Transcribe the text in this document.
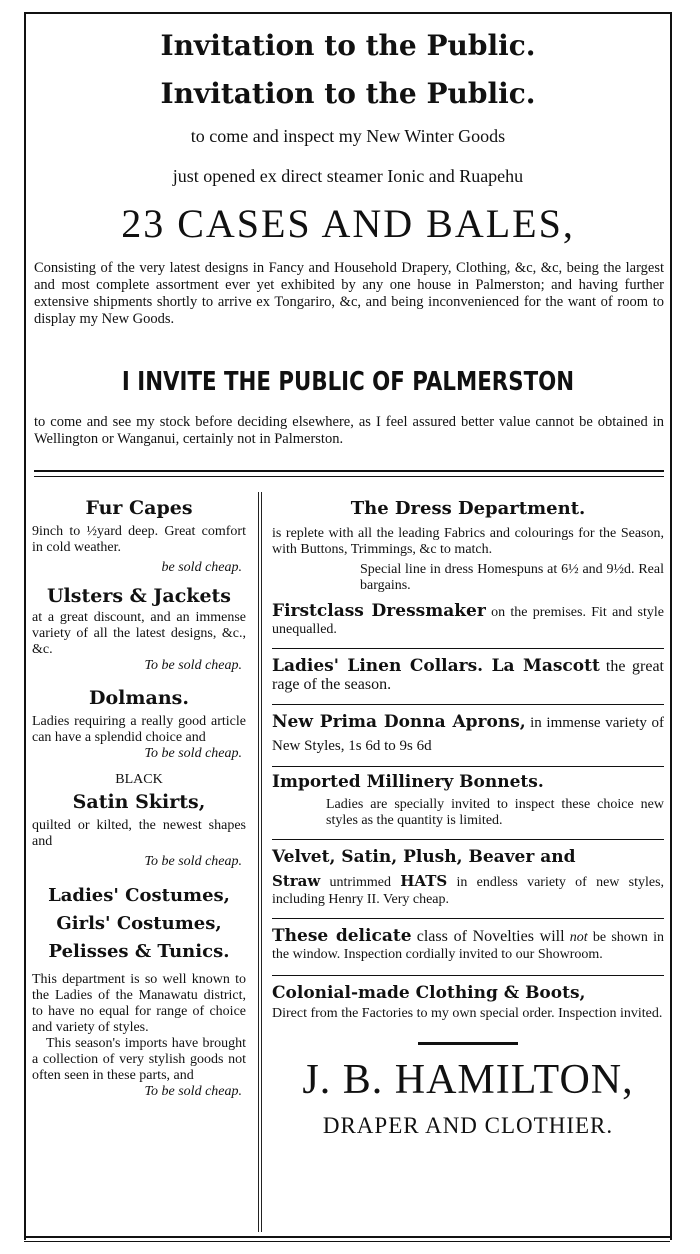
Invitation to the Public.
Invitation to the Public.
to come and inspect my New Winter Goods
just opened ex direct steamer Ionic and Ruapehu
23 CASES AND BALES,
Consisting of the very latest designs in Fancy and Household Drapery, Clothing, &c, &c, being the largest and most complete assortment ever yet exhibited by any one house in Palmerston; and having further extensive shipments shortly to arrive ex Tongariro, &c, and being inconvenienced for the want of room to display my New Goods.
I INVITE THE PUBLIC OF PALMERSTON
to come and see my stock before deciding elsewhere, as I feel assured better value cannot be obtained in Wellington or Wanganui, certainly not in Palmerston.
Fur Capes
9inch to ½yard deep. Great comfort in cold weather.
be sold cheap.
Ulsters & Jackets
at a great discount, and an immense variety of all the latest designs, &c., &c.
To be sold cheap.
Dolmans.
Ladies requiring a really good article can have a splendid choice and
To be sold cheap.
BLACK
Satin Skirts,
quilted or kilted, the newest shapes and
To be sold cheap.
Ladies' Costumes,
Girls' Costumes,
Pelisses & Tunics.
This department is so well known to the Ladies of the Manawatu district, to have no equal for range of choice and variety of styles.
This season's imports have brought a collection of very stylish goods not often seen in these parts, and
To be sold cheap.
The Dress Department.
is replete with all the leading Fabrics and colourings for the Season, with Buttons, Trimmings, &c to match.
Special line in dress Homespuns at 6½ and 9½d. Real bargains.
Firstclass Dressmaker on the premises. Fit and style unequalled.
Ladies' Linen Collars. La Mascott the great rage of the season.
New Prima Donna Aprons, in immense variety of New Styles, 1s 6d to 9s 6d
Imported Millinery Bonnets.
Ladies are specially invited to inspect these choice new styles as the quantity is limited.
Velvet, Satin, Plush, Beaver and
Straw untrimmed HATS in endless variety of new styles, including Henry II. Very cheap.
These delicate class of Novelties will not be shown in the window. Inspection cordially invited to our Showroom.
Colonial-made Clothing & Boots,
Direct from the Factories to my own special order. Inspection invited.
J. B. HAMILTON,
DRAPER AND CLOTHIER.
